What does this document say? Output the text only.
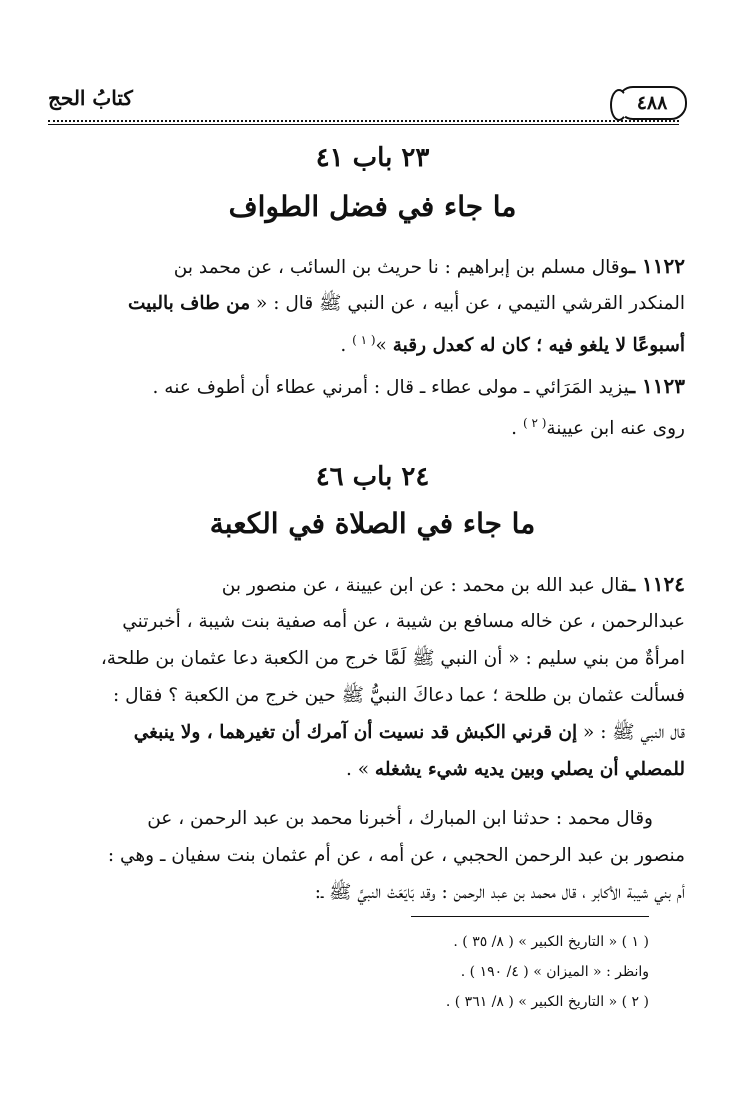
٤٨٨
كتابُ الحج
٢٣ باب ٤١
ما جاء في فضل الطواف
١١٢٢ ـوقال مسلم بن إبراهيم : نا حريث بن السائب ، عن محمد بن
المنكدر القرشي التيمي ، عن أبيه ، عن النبي ﷺ قال : « من طاف بالبيت
أسبوعًا لا يلغو فيه ؛ كان له كعدل رقبة »$^{( ١ )}$ .
١١٢٣ ـيزيد المَرَائي ـ مولى عطاء ـ قال : أمرني عطاء أن أطوف عنه .
روى عنه ابن عيينة$^{( ٢ )}$ .
٢٤ باب ٤٦
ما جاء في الصلاة في الكعبة
١١٢٤ ـقال عبد الله بن محمد : عن ابن عيينة ، عن منصور بن
عبدالرحمن ، عن خاله مسافع بن شيبة ، عن أمه صفية بنت شيبة ، أخبرتني
امرأةٌ من بني سليم : « أن النبي ﷺ لَمَّا خرج من الكعبة دعا عثمان بن طلحة،
فسألت عثمان بن طلحة ؛ عما دعاكَ النبيُّ ﷺ حين خرج من الكعبة ؟ فقال :
قال النبي ﷺ : « إن قرني الكبش قد نسيت أن آمرك أن تغيرهما ، ولا ينبغي
للمصلي أن يصلي وبين يديه شيء يشغله » .
وقال محمد : حدثنا ابن المبارك ، أخبرنا محمد بن عبد الرحمن ، عن
منصور بن عبد الرحمن الحجبي ، عن أمه ، عن أم عثمان بنت سفيان ـ وهي :
أم بني شيبة الأكابر ، قال محمد بن عبد الرحمن : وقد بَايَعَتْ النبيَّ ﷺ ـ:
( ١ ) « التاريخ الكبير » ( ٨/ ٣٥ ) .
وانظر : « الميزان » ( ٤/ ١٩٠ ) .
( ٢ ) « التاريخ الكبير » ( ٨/ ٣٦١ ) .
